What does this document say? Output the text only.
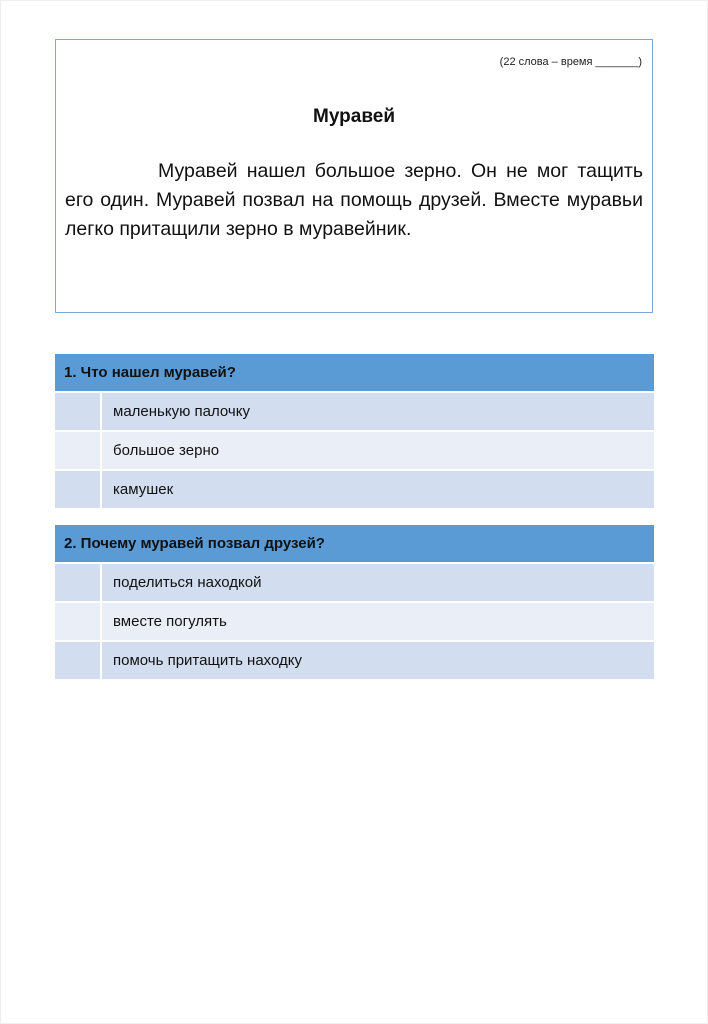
(22 слова – время _______)
Муравей
Муравей нашел большое зерно. Он не мог тащить его один. Муравей позвал на помощь друзей. Вместе муравьи легко притащили зерно в муравейник.
1. Что нашел муравей?
маленькую палочку
большое зерно
камушек
2. Почему муравей позвал друзей?
поделиться находкой
вместе погулять
помочь притащить находку
